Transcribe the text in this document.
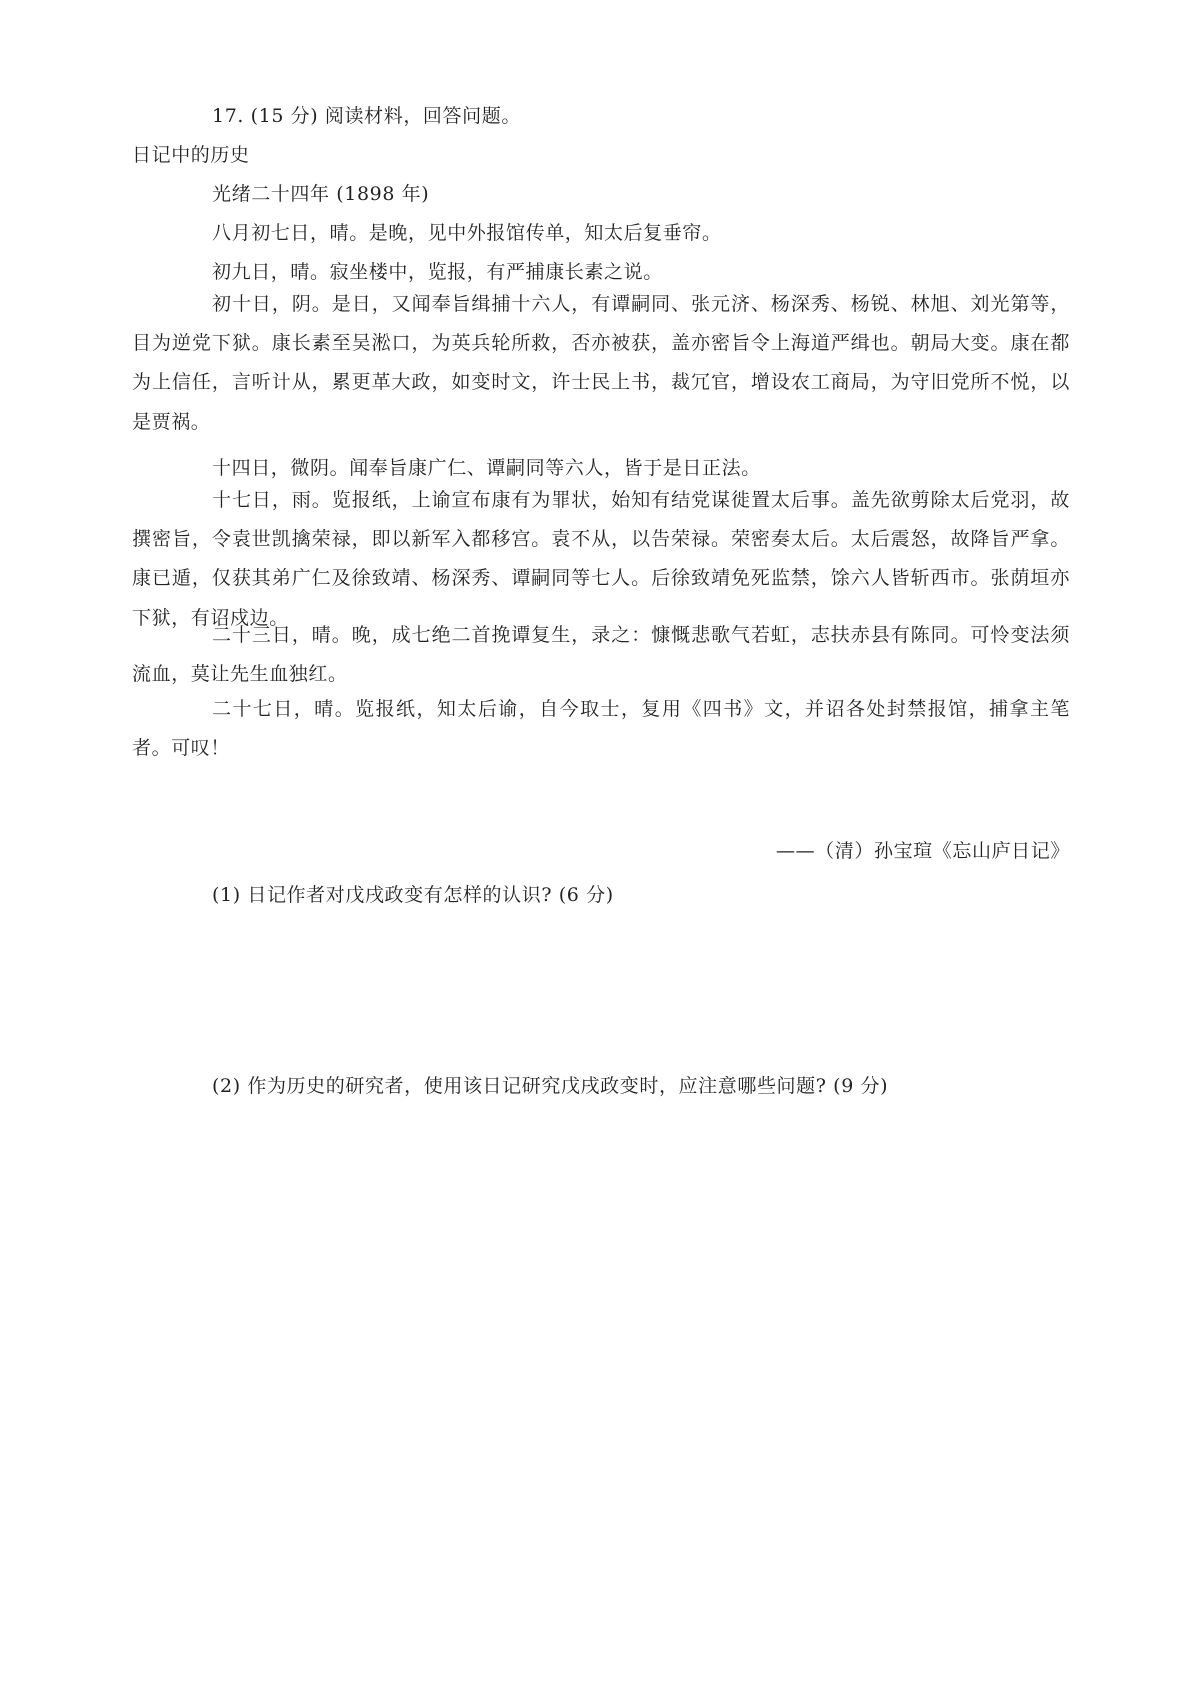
17. (15 分) 阅读材料，回答问题。
日记中的历史
光绪二十四年 (1898 年)
八月初七日，晴。是晚，见中外报馆传单，知太后复垂帘。
初九日，晴。寂坐楼中，览报，有严捕康长素之说。
初十日，阴。是日，又闻奉旨缉捕十六人，有谭嗣同、张元济、杨深秀、杨锐、林旭、刘光第等，目为逆党下狱。康长素至吴淞口，为英兵轮所救，否亦被获，盖亦密旨令上海道严缉也。朝局大变。康在都为上信任，言听计从，累更革大政，如变时文，许士民上书，裁冗官，增设农工商局，为守旧党所不悦，以是贾祸。
十四日，微阴。闻奉旨康广仁、谭嗣同等六人，皆于是日正法。
十七日，雨。览报纸，上谕宣布康有为罪状，始知有结党谋徙置太后事。盖先欲剪除太后党羽，故撰密旨，令袁世凯擒荣禄，即以新军入都移宫。袁不从，以告荣禄。荣密奏太后。太后震怒，故降旨严拿。康已遁，仅获其弟广仁及徐致靖、杨深秀、谭嗣同等七人。后徐致靖免死监禁，馀六人皆斩西市。张荫垣亦下狱，有诏戍边。
二十三日，晴。晚，成七绝二首挽谭复生，录之：慷慨悲歌气若虹，志扶赤县有陈同。可怜变法须流血，莫让先生血独红。
二十七日，晴。览报纸，知太后谕，自今取士，复用《四书》文，并诏各处封禁报馆，捕拿主笔者。可叹！
——（清）孙宝瑄《忘山庐日记》
(1) 日记作者对戊戌政变有怎样的认识? (6 分)
(2) 作为历史的研究者，使用该日记研究戊戌政变时，应注意哪些问题? (9 分)
